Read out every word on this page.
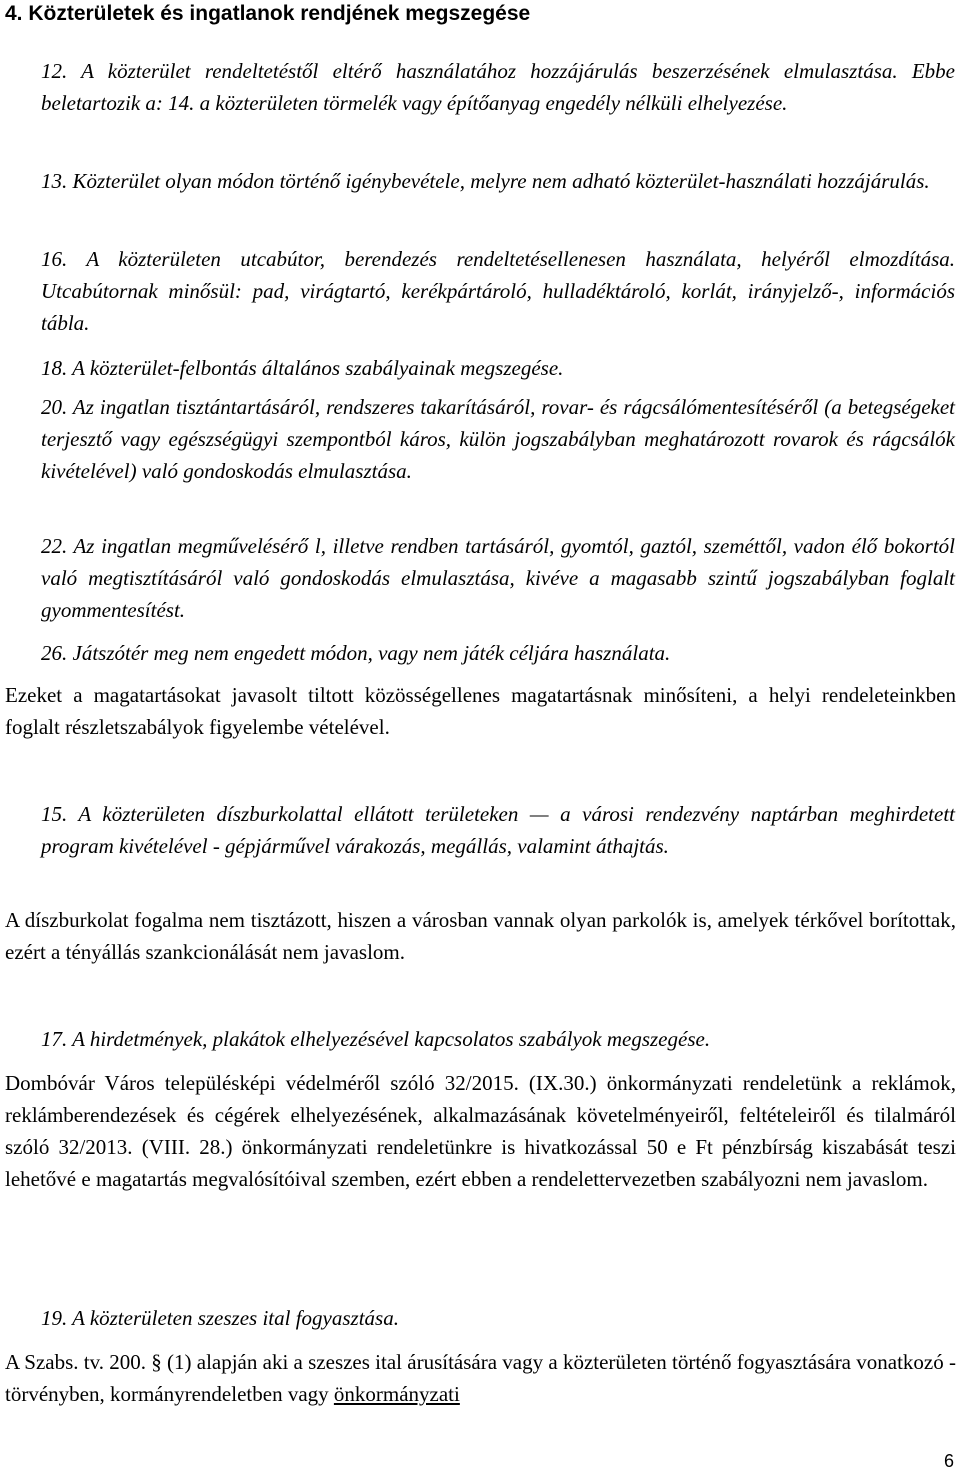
4. Közterületek és ingatlanok rendjének megszegése

12. A közterület rendeltetéstől eltérő használatához hozzájárulás beszerzésének elmulasztása. Ebbe beletartozik a: 14. a közterületen törmelék vagy építőanyag engedély nélküli elhelyezése.

13. Közterület olyan módon történő igénybevétele, melyre nem adható közterület-használati hozzájárulás.

16. A közterületen utcabútor, berendezés rendeltetésellenesen használata, helyéről elmozdítása. Utcabútornak minősül: pad, virágtartó, kerékpártároló, hulladéktároló, korlát, irányjelző-, információs tábla.

18. A közterület-felbontás általános szabályainak megszegése.

20. Az ingatlan tisztántartásáról, rendszeres takarításáról, rovar- és rágcsálómentesítéséről (a betegségeket terjesztő vagy egészségügyi szempontból káros, külön jogszabályban meghatározott rovarok és rágcsálók kivételével) való gondoskodás elmulasztása.

22. Az ingatlan megművelésérő l, illetve rendben tartásáról, gyomtól, gaztól, szeméttől, vadon élő bokortól való megtisztításáról való gondoskodás elmulasztása, kivéve a magasabb szintű jogszabályban foglalt gyommentesítést.

26. Játszótér meg nem engedett módon, vagy nem játék céljára használata.

Ezeket a magatartásokat javasolt tiltott közösségellenes magatartásnak minősíteni, a helyi rendeleteinkben foglalt részletszabályok figyelembe vételével.

15. A közterületen díszburkolattal ellátott területeken — a városi rendezvény naptárban meghirdetett program kivételével - gépjárművel várakozás, megállás, valamint áthajtás.

A díszburkolat fogalma nem tisztázott, hiszen a városban vannak olyan parkolók is, amelyek térkővel borítottak, ezért a tényállás szankcionálását nem javaslom.

17. A hirdetmények, plakátok elhelyezésével kapcsolatos szabályok megszegése.

Dombóvár Város településképi védelméről szóló 32/2015. (IX.30.) önkormányzati rendeletünk a reklámok, reklámberendezések és cégérek elhelyezésének, alkalmazásának követelményeiről, feltételeiről és tilalmáról szóló 32/2013. (VIII. 28.) önkormányzati rendeletünkre is hivatkozással 50 e Ft pénzbírság kiszabását teszi lehetővé e magatartás megvalósítóival szemben, ezért ebben a rendelettervezetben szabályozni nem javaslom.

19. A közterületen szeszes ital fogyasztása.

A Szabs. tv. 200. § (1) alapján aki a szeszes ital árusítására vagy a közterületen történő fogyasztására vonatkozó - törvényben, kormányrendeletben vagy önkormányzati

6
